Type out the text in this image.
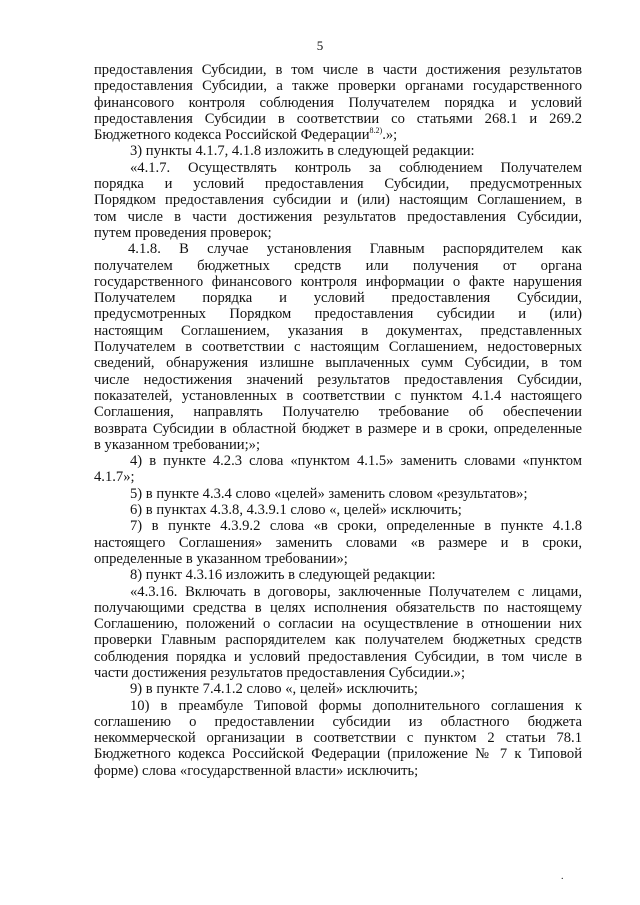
5
предоставления Субсидии, в том числе в части достижения результатов
предоставления Субсидии, а также проверки органами государственного
финансового контроля соблюдения Получателем порядка и условий
предоставления Субсидии в соответствии со статьями 268.1 и 269.2
Бюджетного кодекса Российской Федерации$^{8.2)}$.»;
3) пункты 4.1.7, 4.1.8 изложить в следующей редакции:
«4.1.7. Осуществлять контроль за соблюдением Получателем
порядка и условий предоставления Субсидии, предусмотренных
Порядком предоставления субсидии и (или) настоящим Соглашением, в
том числе в части достижения результатов предоставления Субсидии,
путем проведения проверок;
4.1.8. В случае установления Главным распорядителем как
получателем бюджетных средств или получения от органа
государственного финансового контроля информации о факте нарушения
Получателем порядка и условий предоставления Субсидии,
предусмотренных Порядком предоставления субсидии и (или)
настоящим Соглашением, указания в документах, представленных
Получателем в соответствии с настоящим Соглашением, недостоверных
сведений, обнаружения излишне выплаченных сумм Субсидии, в том
числе недостижения значений результатов предоставления Субсидии,
показателей, установленных в соответствии с пунктом 4.1.4 настоящего
Соглашения, направлять Получателю требование об обеспечении
возврата Субсидии в областной бюджет в размере и в сроки, определенные
в указанном требовании;»;
4) в пункте 4.2.3 слова «пунктом 4.1.5» заменить словами «пунктом
4.1.7»;
5) в пункте 4.3.4 слово «целей» заменить словом «результатов»;
6) в пунктах 4.3.8, 4.3.9.1 слово «, целей» исключить;
7) в пункте 4.3.9.2 слова «в сроки, определенные в пункте 4.1.8
настоящего Соглашения» заменить словами «в размере и в сроки,
определенные в указанном требовании»;
8) пункт 4.3.16 изложить в следующей редакции:
«4.3.16. Включать в договоры, заключенные Получателем с лицами,
получающими средства в целях исполнения обязательств по настоящему
Соглашению, положений о согласии на осуществление в отношении них
проверки Главным распорядителем как получателем бюджетных средств
соблюдения порядка и условий предоставления Субсидии, в том числе в
части достижения результатов предоставления Субсидии.»;
9) в пункте 7.4.1.2 слово «, целей» исключить;
10) в преамбуле Типовой формы дополнительного соглашения к
соглашению о предоставлении субсидии из областного бюджета
некоммерческой организации в соответствии с пунктом 2 статьи 78.1
Бюджетного кодекса Российской Федерации (приложение № 7 к Типовой
форме) слова «государственной власти» исключить;
.
